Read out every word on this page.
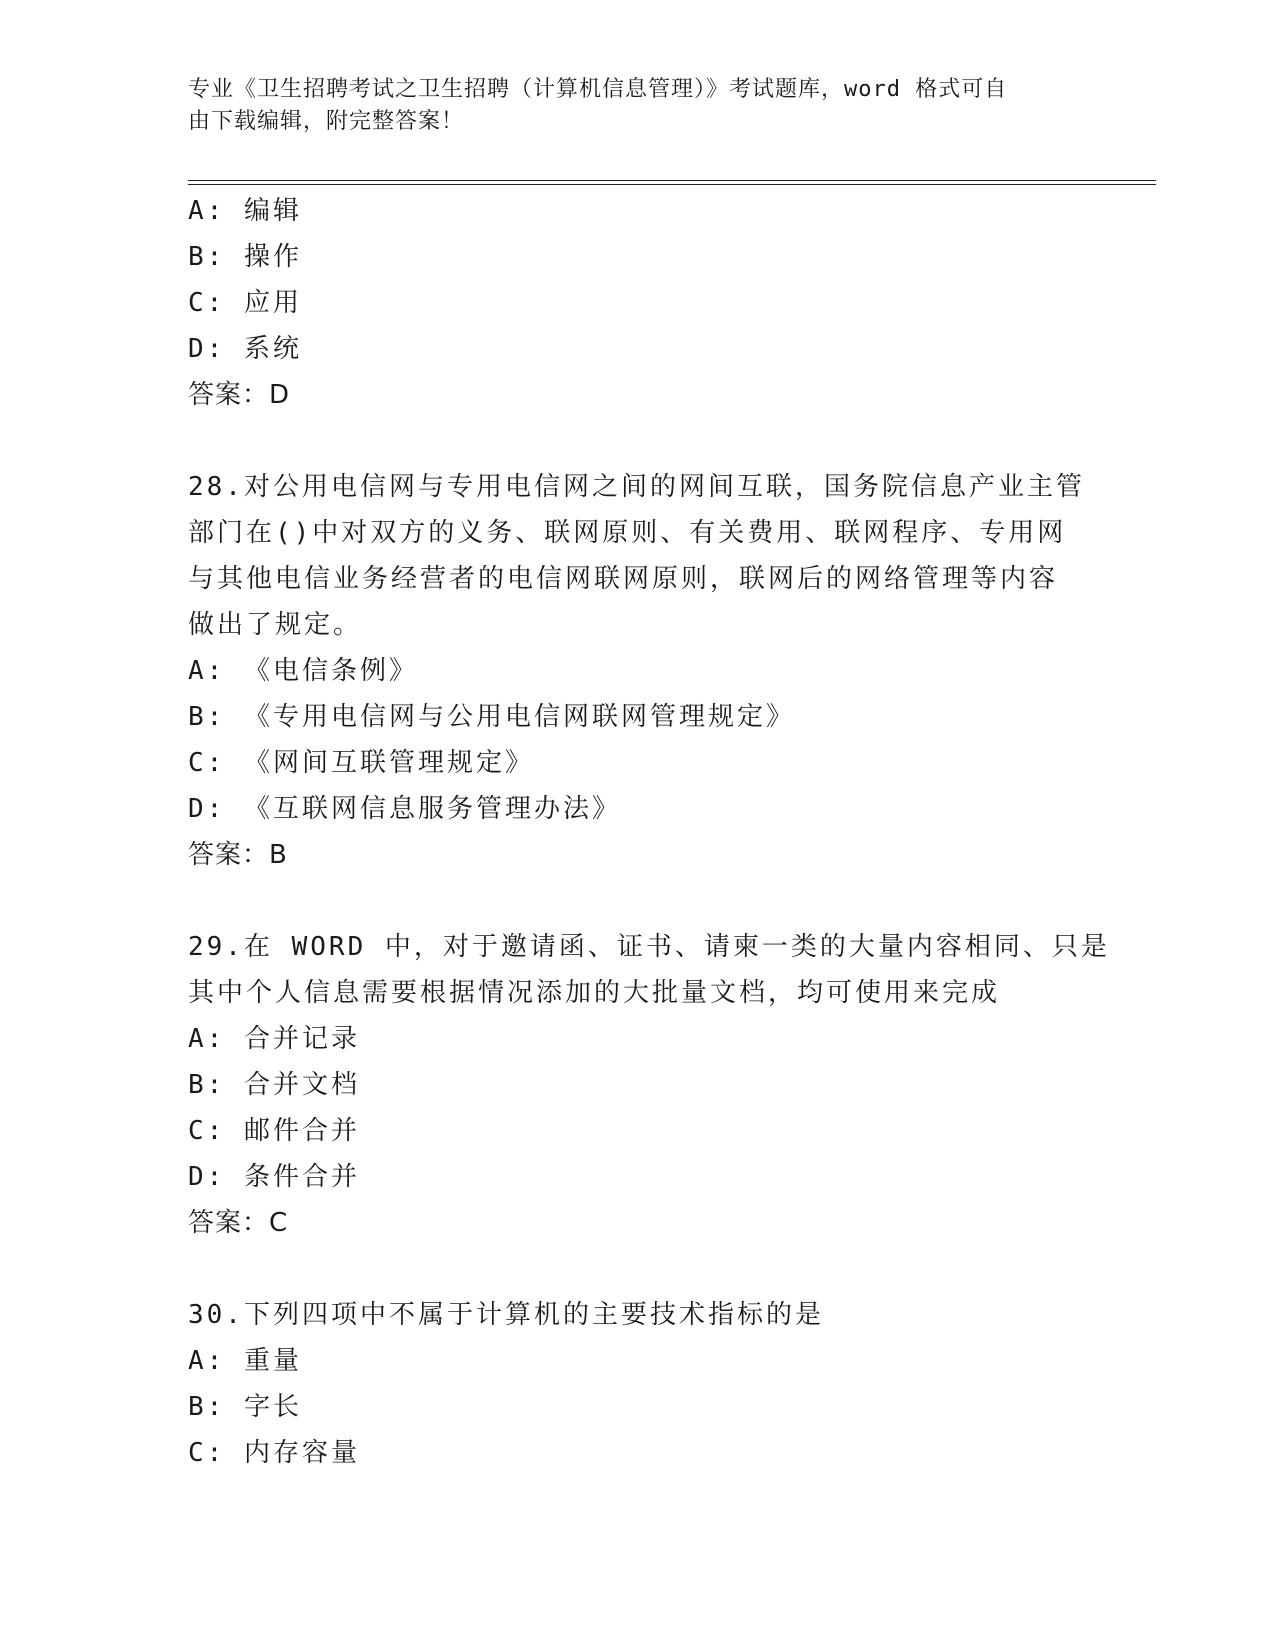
专业《卫生招聘考试之卫生招聘（计算机信息管理）》考试题库，word 格式可自
由下载编辑，附完整答案！

A: 编辑

B: 操作

C: 应用

D: 系统

答案：D

28.对公用电信网与专用电信网之间的网间互联，国务院信息产业主管

部门在()中对双方的义务、联网原则、有关费用、联网程序、专用网

与其他电信业务经营者的电信网联网原则，联网后的网络管理等内容

做出了规定。

A: 《电信条例》

B: 《专用电信网与公用电信网联网管理规定》

C: 《网间互联管理规定》

D: 《互联网信息服务管理办法》

答案：B

29.在 WORD 中，对于邀请函、证书、请柬一类的大量内容相同、只是

其中个人信息需要根据情况添加的大批量文档，均可使用来完成

A: 合并记录

B: 合并文档

C: 邮件合并

D: 条件合并

答案：C

30.下列四项中不属于计算机的主要技术指标的是

A: 重量

B: 字长

C: 内存容量
